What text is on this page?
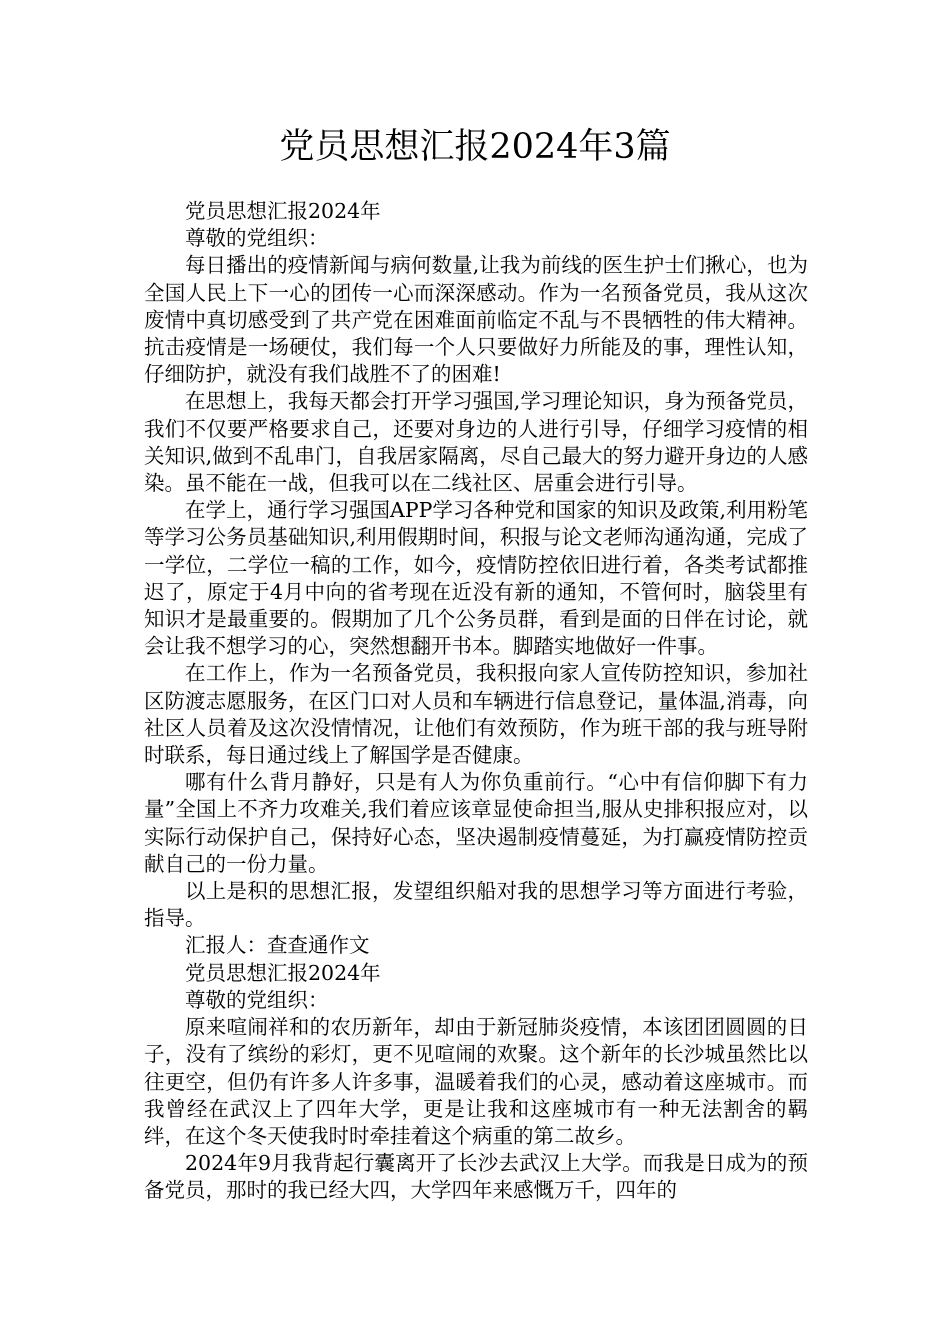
党员思想汇报2024年3篇

党员思想汇报2024年

尊敬的党组织：

每日播出的疫情新闻与病何数量,让我为前线的医生护士们揪心，也为全国人民上下一心的团传一心而深深感动。作为一名预备党员，我从这次废情中真切感受到了共产党在困难面前临定不乱与不畏牺牲的伟大精神。抗击疫情是一场硬仗，我们每一个人只要做好力所能及的事，理性认知，仔细防护，就没有我们战胜不了的困难!

在思想上，我每天都会打开学习强国,学习理论知识，身为预备党员，我们不仅要严格要求自己，还要对身边的人进行引导，仔细学习疫情的相关知识,做到不乱串门，自我居家隔离，尽自己最大的努力避开身边的人感染。虽不能在一战，但我可以在二线社区、居重会进行引导。

在学上，通行学习强国APP学习各种党和国家的知识及政策,利用粉笔等学习公务员基础知识,利用假期时间，积报与论文老师沟通沟通，完成了一学位，二学位一稿的工作，如今，疫情防控依旧进行着，各类考试都推迟了，原定于4月中向的省考现在近没有新的通知，不管何时，脑袋里有知识才是最重要的。假期加了几个公务员群，看到是面的日伴在讨论，就会让我不想学习的心，突然想翻开书本。脚踏实地做好一件事。

在工作上，作为一名预备党员，我积报向家人宣传防控知识，参加社区防渡志愿服务，在区门口对人员和车辆进行信息登记，量体温,消毒，向社区人员着及这次没情情况，让他们有效预防，作为班干部的我与班导附时联系，每日通过线上了解国学是否健康。

哪有什么背月静好，只是有人为你负重前行。“心中有信仰脚下有力量”全国上不齐力攻难关,我们着应该章显使命担当,服从史排积报应对，以实际行动保护自己，保持好心态，坚决遏制疫情蔓延，为打赢疫情防控贡献自己的一份力量。

以上是积的思想汇报，发望组织船对我的思想学习等方面进行考验，指导。

汇报人：查查通作文

党员思想汇报2024年

尊敬的党组织：

原来喧闹祥和的农历新年，却由于新冠肺炎疫情，本该团团圆圆的日子，没有了缤纷的彩灯，更不见喧闹的欢聚。这个新年的长沙城虽然比以往更空，但仍有许多人许多事，温暖着我们的心灵，感动着这座城市。而我曾经在武汉上了四年大学，更是让我和这座城市有一种无法割舍的羁绊，在这个冬天使我时时牵挂着这个病重的第二故乡。

2024年9月我背起行囊离开了长沙去武汉上大学。而我是日成为的预备党员，那时的我已经大四，大学四年来感慨万千，四年的
